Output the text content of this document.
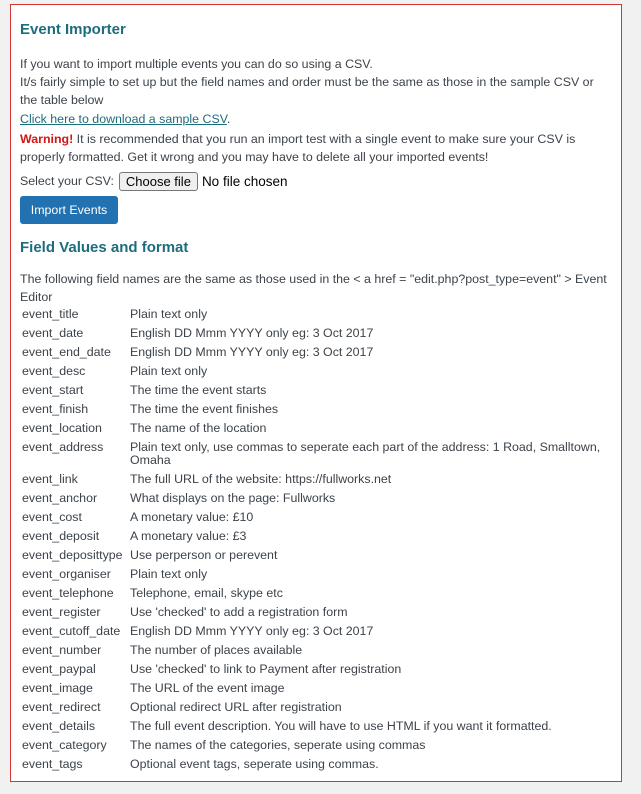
Event Importer

If you want to import multiple events you can do so using a CSV.

It/s fairly simple to set up but the field names and order must be the same as those in the sample CSV or the table below

Click here to download a sample CSV.

Warning! It is recommended that you run an import test with a single event to make sure your CSV is properly formatted. Get it wrong and you may have to delete all your imported events!

Select your CSV: Choose file No file chosen
Import Events
Field Values and format

The following field names are the same as those used in the < a href = "edit.php?post_type=event" > Event Editor

event_title	Plain text only
event_date	English DD Mmm YYYY only eg: 3 Oct 2017
event_end_date	English DD Mmm YYYY only eg: 3 Oct 2017
event_desc	Plain text only
event_start	The time the event starts
event_finish	The time the event finishes
event_location	The name of the location
event_address	Plain text only, use commas to seperate each part of the address: 1 Road, Smalltown, Omaha
event_link	The full URL of the website: https://fullworks.net
event_anchor	What displays on the page: Fullworks
event_cost	A monetary value: £10
event_deposit	A monetary value: £3
event_deposittype	Use perperson or perevent
event_organiser	Plain text only
event_telephone	Telephone, email, skype etc
event_register	Use 'checked' to add a registration form
event_cutoff_date	English DD Mmm YYYY only eg: 3 Oct 2017
event_number	The number of places available
event_paypal	Use 'checked' to link to Payment after registration
event_image	The URL of the event image
event_redirect	Optional redirect URL after registration
event_details	The full event description. You will have to use HTML if you want it formatted.
event_category	The names of the categories, seperate using commas
event_tags	Optional event tags, seperate using commas.
